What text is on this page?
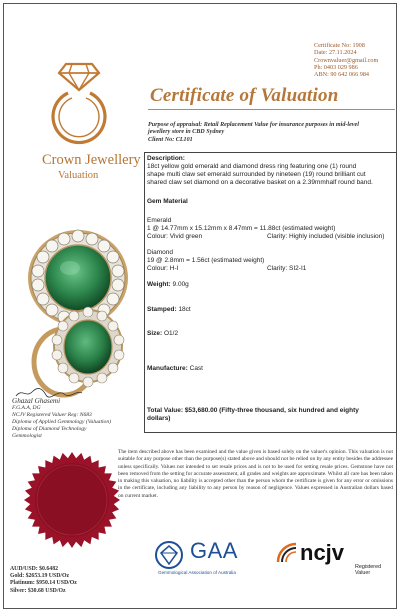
Certificate No: 1908
Date: 27.11.2024
Crownvaluer@gmail.com
Ph: 0403 029 986
ABN: 90 642 066 984
Crown Jewellery
Valuation
Certificate of Valuation
Purpose of appraisal: Retail Replacement Value for insurance purposes in mid-level
jewellery store in CBD Sydney
Client No: CL101
Description:
18ct yellow gold emerald and diamond dress ring featuring one (1) round
shape multi claw set emerald surrounded by nineteen (19) round brilliant cut
shared claw set diamond on a decorative basket on a 2.39mmhalf round band.
Gem Material
Emerald
1 @ 14.77mm x 15.12mm x 8.47mm = 11.88ct (estimated weight)
Colour: Vivid green	Clarity: Highly included (visible inclusion)
Diamond
19 @ 2.8mm = 1.56ct (estimated weight)
Colour: H-I	Clarity: SI2-I1
Weight: 9.00g
Stamped: 18ct
Size: O1/2
Manufacture: Cast
Total Value: $53,680.00 (Fifty-three thousand, six hundred and eighty
dollars)
Ghazal Ghasemi
F.G.A.A, DG
NCJV Registered Valuer Reg: N683
Diploma of Applied Gemmology (Valuation)
Diploma of Diamond Technology
Gemmologist
The item described above has been examined and the value given is based solely on the valuer's opinion. This valuation is not suitable for any purpose other than the purpose(s) stated above and should not be relied on by any entity besides the addressee unless specifically. Values not intended to set resale prices and is not to be used for setting resale prices. Gemstone have not been removed from the setting for accurate assessment, all grades and weights are approximate. Whilst all care has been taken in making this valuation, no liability is accepted other than the person whom the certificate is given for any error or omissions in the certificate, including any liability to any person by reason of negligence. Values expressed in Australian dollars based on current market.
AUD/USD: $0.6482
Gold: $2653.19 USD/Oz
Platinum: $950.14 USD/Oz
Silver: $30.68 USD/Oz
GAA
Gemmological Association of Australia
ncjv
Registered
Valuer
